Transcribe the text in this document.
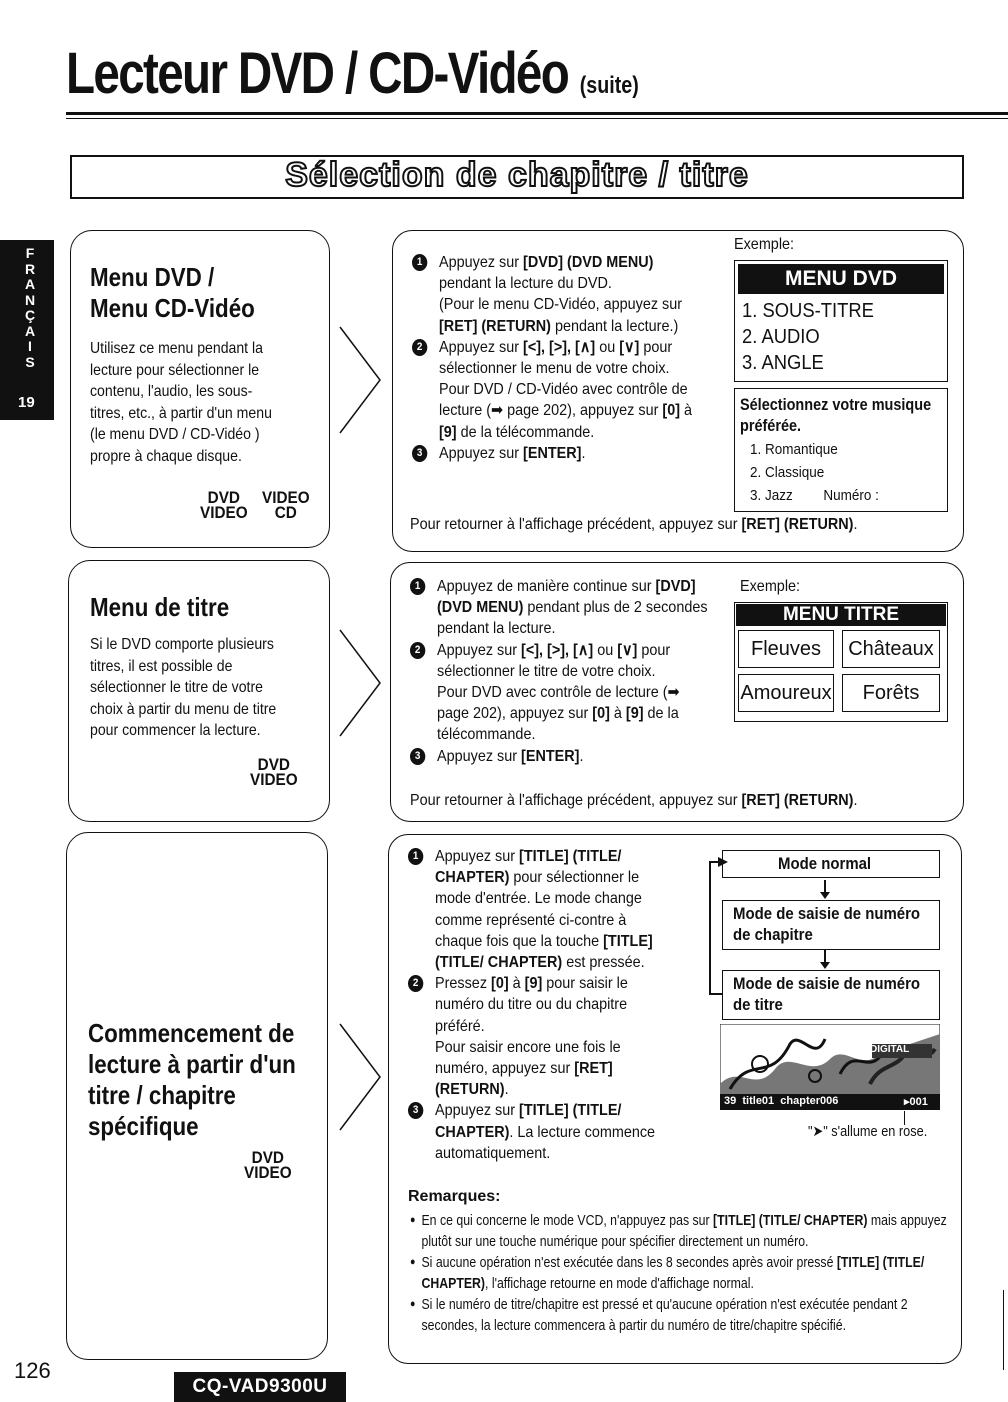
Lecteur DVD / CD-Vidéo (suite)
Sélection de chapitre / titre
F
R
A
N
Ç
A
I
S
19
Menu DVD /
Menu CD-Vidéo
Utilisez ce menu pendant la lecture pour sélectionner le contenu, l'audio, les sous-titres, etc., à partir d'un menu (le menu DVD / CD-Vidéo ) propre à chaque disque.
DVD
VIDEO
VIDEO
CD
1	Appuyez sur [DVD] (DVD MENU) pendant la lecture du DVD.
(Pour le menu CD-Vidéo, appuyez sur [RET] (RETURN) pendant la lecture.)
2	Appuyez sur [<], [>], [∧] ou [∨] pour sélectionner le menu de votre choix.
Pour DVD / CD-Vidéo avec contrôle de lecture (➡ page 202), appuyez sur [0] à [9] de la télécommande.
3	Appuyez sur [ENTER].
Pour retourner à l'affichage précédent, appuyez sur [RET] (RETURN).
Exemple:
MENU DVD
1. SOUS-TITRE
2. AUDIO
3. ANGLE
Sélectionnez votre musique
préférée.
1. Romantique
2. Classique
3. Jazz Numéro :
Menu de titre
Si le DVD comporte plusieurs titres, il est possible de sélectionner le titre de votre choix à partir du menu de titre pour commencer la lecture.
DVD
VIDEO
1	Appuyez de manière continue sur [DVD] (DVD MENU) pendant plus de 2 secondes pendant la lecture.
2	Appuyez sur [<], [>], [∧] ou [∨] pour sélectionner le titre de votre choix.
Pour DVD avec contrôle de lecture (➡ page 202), appuyez sur [0] à [9] de la télécommande.
3	Appuyez sur [ENTER].
Pour retourner à l'affichage précédent, appuyez sur [RET] (RETURN).
Exemple:
MENU TITRE
Fleuves	Châteaux
Amoureux	Forêts
Commencement de
lecture à partir d'un
titre / chapitre
spécifique
DVD
VIDEO
1	Appuyez sur [TITLE] (TITLE/ CHAPTER) pour sélectionner le mode d'entrée. Le mode change comme représenté ci-contre à chaque fois que la touche [TITLE] (TITLE/ CHAPTER) est pressée.
2	Pressez [0] à [9] pour saisir le numéro du titre ou du chapitre préféré.
Pour saisir encore une fois le numéro, appuyez sur [RET] (RETURN).
3	Appuyez sur [TITLE] (TITLE/ CHAPTER). La lecture commence automatiquement.
Mode normal
Mode de saisie de numéro de chapitre
Mode de saisie de numéro de titre
DIGITAL
39 title01 chapter006	▸001
"➤" s'allume en rose.
Remarques:
● En ce qui concerne le mode VCD, n'appuyez pas sur [TITLE] (TITLE/ CHAPTER) mais appuyez plutôt sur une touche numérique pour spécifier directement un numéro.
● Si aucune opération n'est exécutée dans les 8 secondes après avoir pressé [TITLE] (TITLE/ CHAPTER), l'affichage retourne en mode d'affichage normal.
● Si le numéro de titre/chapitre est pressé et qu'aucune opération n'est exécutée pendant 2 secondes, la lecture commencera à partir du numéro de titre/chapitre spécifié.
126
CQ-VAD9300U
